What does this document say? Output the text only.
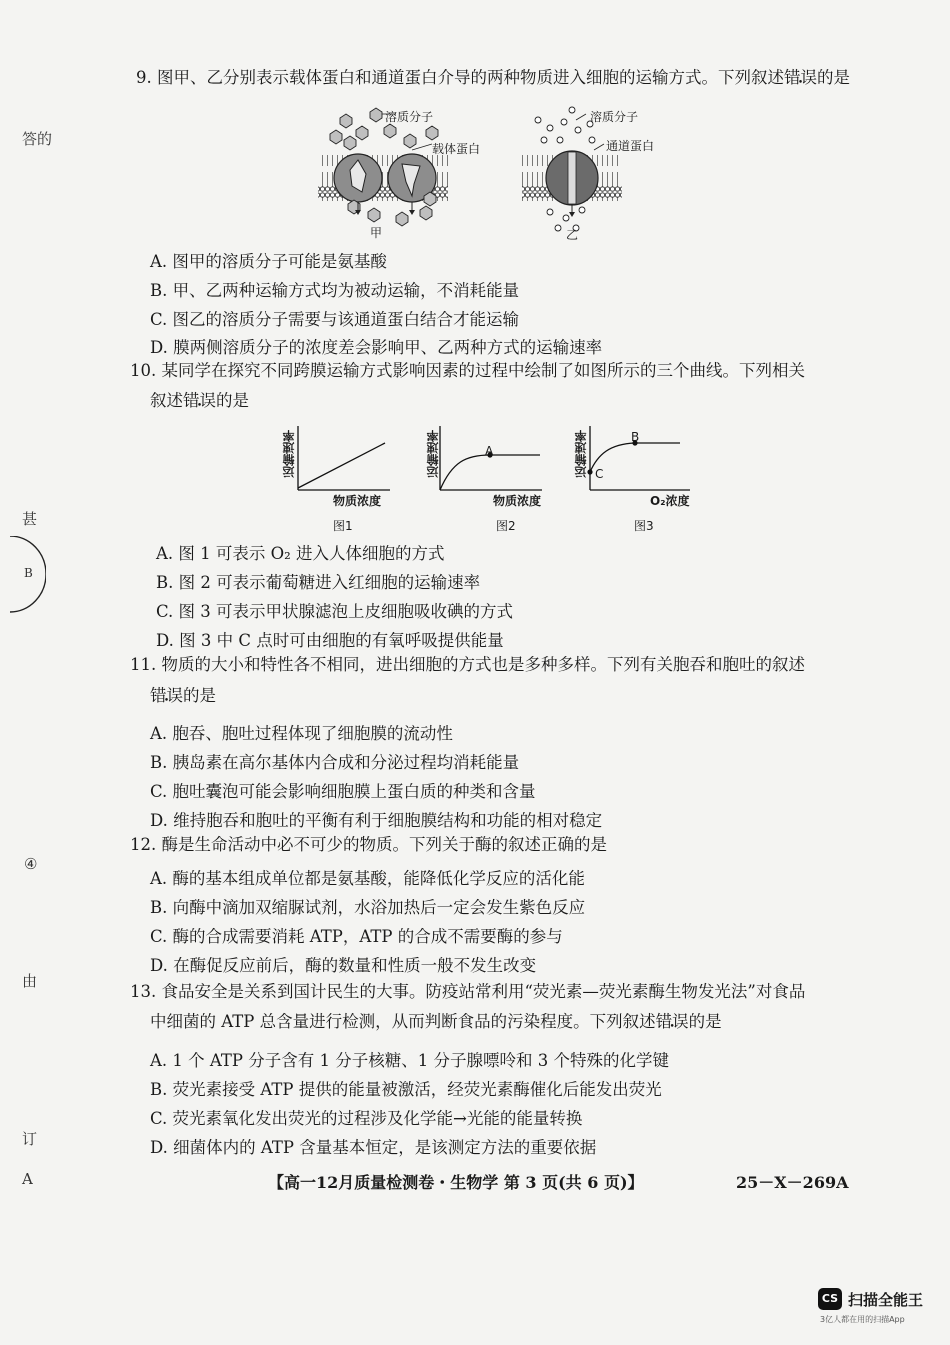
答的
甚
B
④
由
订
A
9. 图甲、乙分别表示载体蛋白和通道蛋白介导的两种物质进入细胞的运输方式。下列叙述错误的是
溶质分子
载体蛋白
甲
溶质分子
通道蛋白
乙
A. 图甲的溶质分子可能是氨基酸
B. 甲、乙两种运输方式均为被动运输，不消耗能量
C. 图乙的溶质分子需要与该通道蛋白结合才能运输
D. 膜两侧溶质分子的浓度差会影响甲、乙两种方式的运输速率
10. 某同学在探究不同跨膜运输方式影响因素的过程中绘制了如图所示的三个曲线。下列相关
叙述错误的是
运输速率
物质浓度
图1
运输速率	A
物质浓度
图2
运输速率	B
C
O₂浓度
图3
A. 图 1 可表示 O₂ 进入人体细胞的方式
B. 图 2 可表示葡萄糖进入红细胞的运输速率
C. 图 3 可表示甲状腺滤泡上皮细胞吸收碘的方式
D. 图 3 中 C 点时可由细胞的有氧呼吸提供能量
11. 物质的大小和特性各不相同，进出细胞的方式也是多种多样。下列有关胞吞和胞吐的叙述
错误的是
A. 胞吞、胞吐过程体现了细胞膜的流动性
B. 胰岛素在高尔基体内合成和分泌过程均消耗能量
C. 胞吐囊泡可能会影响细胞膜上蛋白质的种类和含量
D. 维持胞吞和胞吐的平衡有利于细胞膜结构和功能的相对稳定
12. 酶是生命活动中必不可少的物质。下列关于酶的叙述正确的是
A. 酶的基本组成单位都是氨基酸，能降低化学反应的活化能
B. 向酶中滴加双缩脲试剂，水浴加热后一定会发生紫色反应
C. 酶的合成需要消耗 ATP，ATP 的合成不需要酶的参与
D. 在酶促反应前后，酶的数量和性质一般不发生改变
13. 食品安全是关系到国计民生的大事。防疫站常利用“荧光素—荧光素酶生物发光法”对食品
中细菌的 ATP 总含量进行检测，从而判断食品的污染程度。下列叙述错误的是
A. 1 个 ATP 分子含有 1 分子核糖、1 分子腺嘌呤和 3 个特殊的化学键
B. 荧光素接受 ATP 提供的能量被激活，经荧光素酶催化后能发出荧光
C. 荧光素氧化发出荧光的过程涉及化学能→光能的能量转换
D. 细菌体内的 ATP 含量基本恒定，是该测定方法的重要依据
【高一12月质量检测卷・生物学 第 3 页(共 6 页)】	25－X－269A
CS 扫描全能王
3亿人都在用的扫描App
